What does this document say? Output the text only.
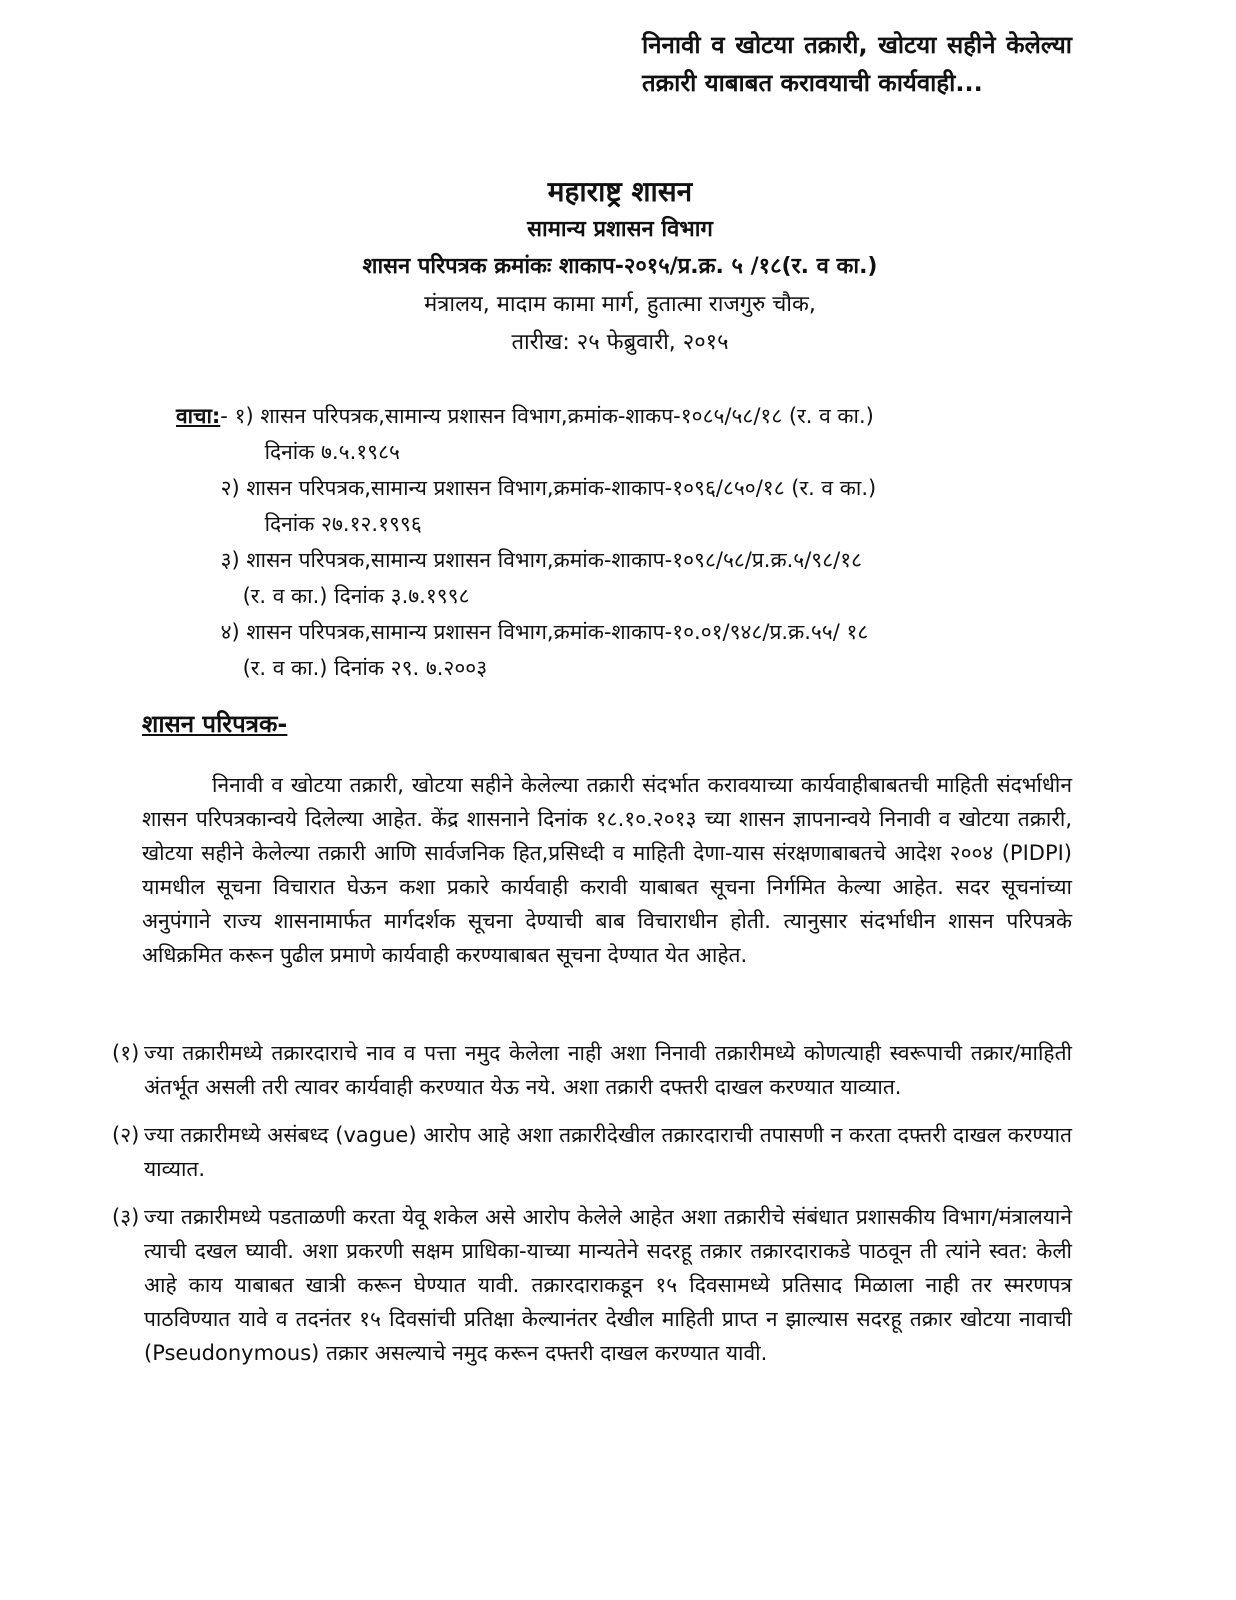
निनावी व खोटया तक्रारी, खोटया सहीने केलेल्या तक्रारी याबाबत करावयाची कार्यवाही...
महाराष्ट्र शासन
सामान्य प्रशासन विभाग
शासन परिपत्रक क्रमांकः शाकाप-२०१५/प्र.क्र. ५ /१८(र. व का.)
मंत्रालय, मादाम कामा मार्ग, हुतात्मा राजगुरु चौक,
तारीख: २५ फेब्रुवारी, २०१५
वाचा: - १) शासन परिपत्रक,सामान्य प्रशासन विभाग,क्रमांक-शाकप-१०८५/५८/१८ (र. व का.)
दिनांक ७.५.१९८५
२) शासन परिपत्रक,सामान्य प्रशासन विभाग,क्रमांक-शाकाप-१०९६/८५०/१८ (र. व का.)
दिनांक २७.१२.१९९६
३) शासन परिपत्रक,सामान्य प्रशासन विभाग,क्रमांक-शाकाप-१०९८/५८/प्र.क्र.५/९८/१८
(र. व का.) दिनांक ३.७.१९९८
४) शासन परिपत्रक,सामान्य प्रशासन विभाग,क्रमांक-शाकाप-१०.०१/९४८/प्र.क्र.५५/ १८
(र. व का.) दिनांक २९. ७.२००३
शासन परिपत्रक-
निनावी व खोटया तक्रारी, खोटया सहीने केलेल्या तक्रारी संदर्भात करावयाच्या कार्यवाहीबाबतची माहिती संदर्भाधीन शासन परिपत्रकान्वये दिलेल्या आहेत. केंद्र शासनाने दिनांक १८.१०.२०१३ च्या शासन ज्ञापनान्वये निनावी व खोटया तक्रारी, खोटया सहीने केलेल्या तक्रारी आणि सार्वजनिक हित,प्रसिध्दी व माहिती देणा-यास संरक्षणाबाबतचे आदेश २००४ (PIDPI) यामधील सूचना विचारात घेऊन कशा प्रकारे कार्यवाही करावी याबाबत सूचना निर्गमित केल्या आहेत. सदर सूचनांच्या अनुपंगाने राज्य शासनामार्फत मार्गदर्शक सूचना देण्याची बाब विचाराधीन होती. त्यानुसार संदर्भाधीन शासन परिपत्रके अधिक्रमित करून पुढील प्रमाणे कार्यवाही करण्याबाबत सूचना देण्यात येत आहेत.
(१) ज्या तक्रारीमध्ये तक्रारदाराचे नाव व पत्ता नमुद केलेला नाही अशा निनावी तक्रारीमध्ये कोणत्याही स्वरूपाची तक्रार/माहिती अंतर्भूत असली तरी त्यावर कार्यवाही करण्यात येऊ नये. अशा तक्रारी दफ्तरी दाखल करण्यात याव्यात.
(२) ज्या तक्रारीमध्ये असंबध्द (vague) आरोप आहे अशा तक्रारीदेखील तक्रारदाराची तपासणी न करता दफ्तरी दाखल करण्यात याव्यात.
(३) ज्या तक्रारीमध्ये पडताळणी करता येवू शकेल असे आरोप केलेले आहेत अशा तक्रारीचे संबंधात प्रशासकीय विभाग/मंत्रालयाने त्याची दखल घ्यावी. अशा प्रकरणी सक्षम प्राधिका-याच्या मान्यतेने सदरहू तक्रार तक्रारदाराकडे पाठवून ती त्यांने स्वत: केली आहे काय याबाबत खात्री करून घेण्यात यावी. तक्रारदाराकडून १५ दिवसामध्ये प्रतिसाद मिळाला नाही तर स्मरणपत्र पाठविण्यात यावे व तदनंतर १५ दिवसांची प्रतिक्षा केल्यानंतर देखील माहिती प्राप्त न झाल्यास सदरहू तक्रार खोटया नावाची (Pseudonymous) तक्रार असल्याचे नमुद करून दफ्तरी दाखल करण्यात यावी.
